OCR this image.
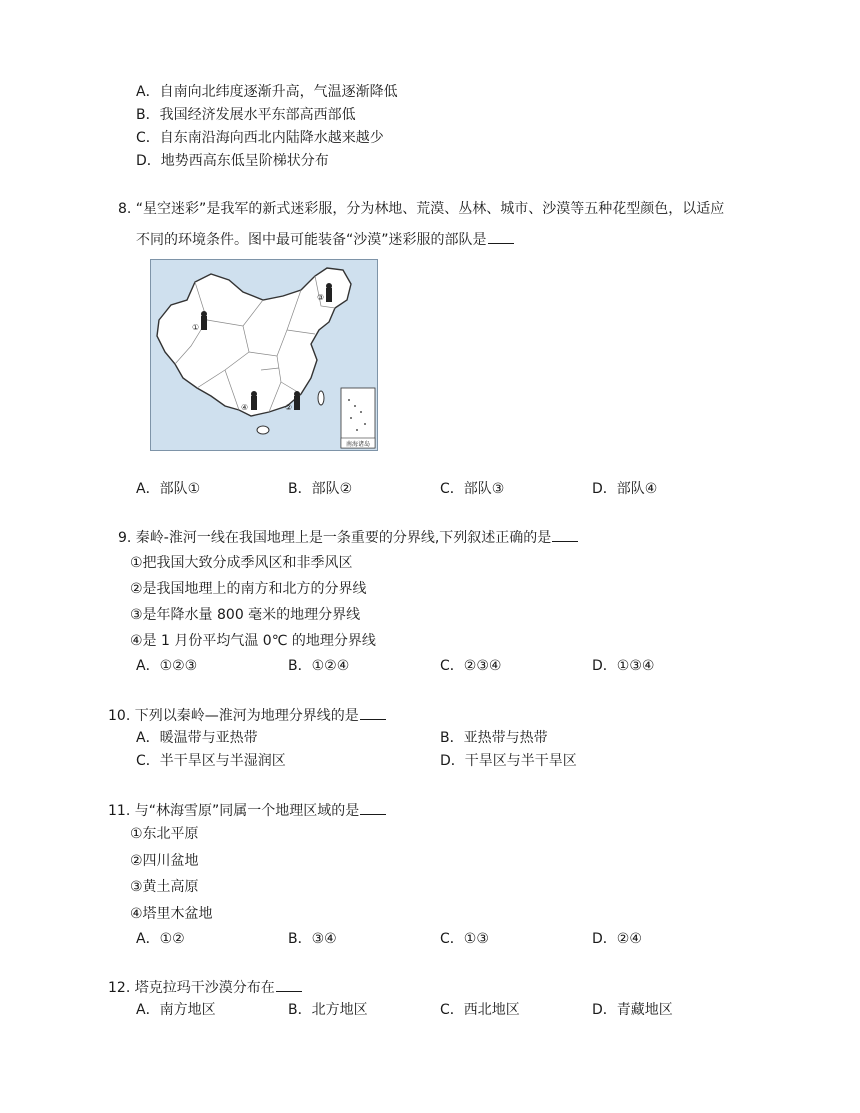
A．自南向北纬度逐渐升高，气温逐渐降低
B．我国经济发展水平东部高西部低
C．自东南沿海向西北内陆降水越来越少
D．地势西高东低呈阶梯状分布
8. “星空迷彩”是我军的新式迷彩服，分为林地、荒漠、丛林、城市、沙漠等五种花型颜色，以适应
不同的环境条件。图中最可能装备“沙漠”迷彩服的部队是
南海诸岛
①
②
③
④
A．部队①	B．部队②	C．部队③	D．部队④
9. 秦岭-淮河一线在我国地理上是一条重要的分界线,下列叙述正确的是
①把我国大致分成季风区和非季风区
②是我国地理上的南方和北方的分界线
③是年降水量 800 毫米的地理分界线
④是 1 月份平均气温 0℃ 的地理分界线
A．①②③	B．①②④	C．②③④	D．①③④
10. 下列以秦岭—淮河为地理分界线的是
A．暖温带与亚热带	B．亚热带与热带
C．半干旱区与半湿润区	D．干旱区与半干旱区
11. 与“林海雪原”同属一个地理区域的是
①东北平原
②四川盆地
③黄土高原
④塔里木盆地
A．①②	B．③④	C．①③	D．②④
12. 塔克拉玛干沙漠分布在
A．南方地区	B．北方地区	C．西北地区	D．青藏地区
